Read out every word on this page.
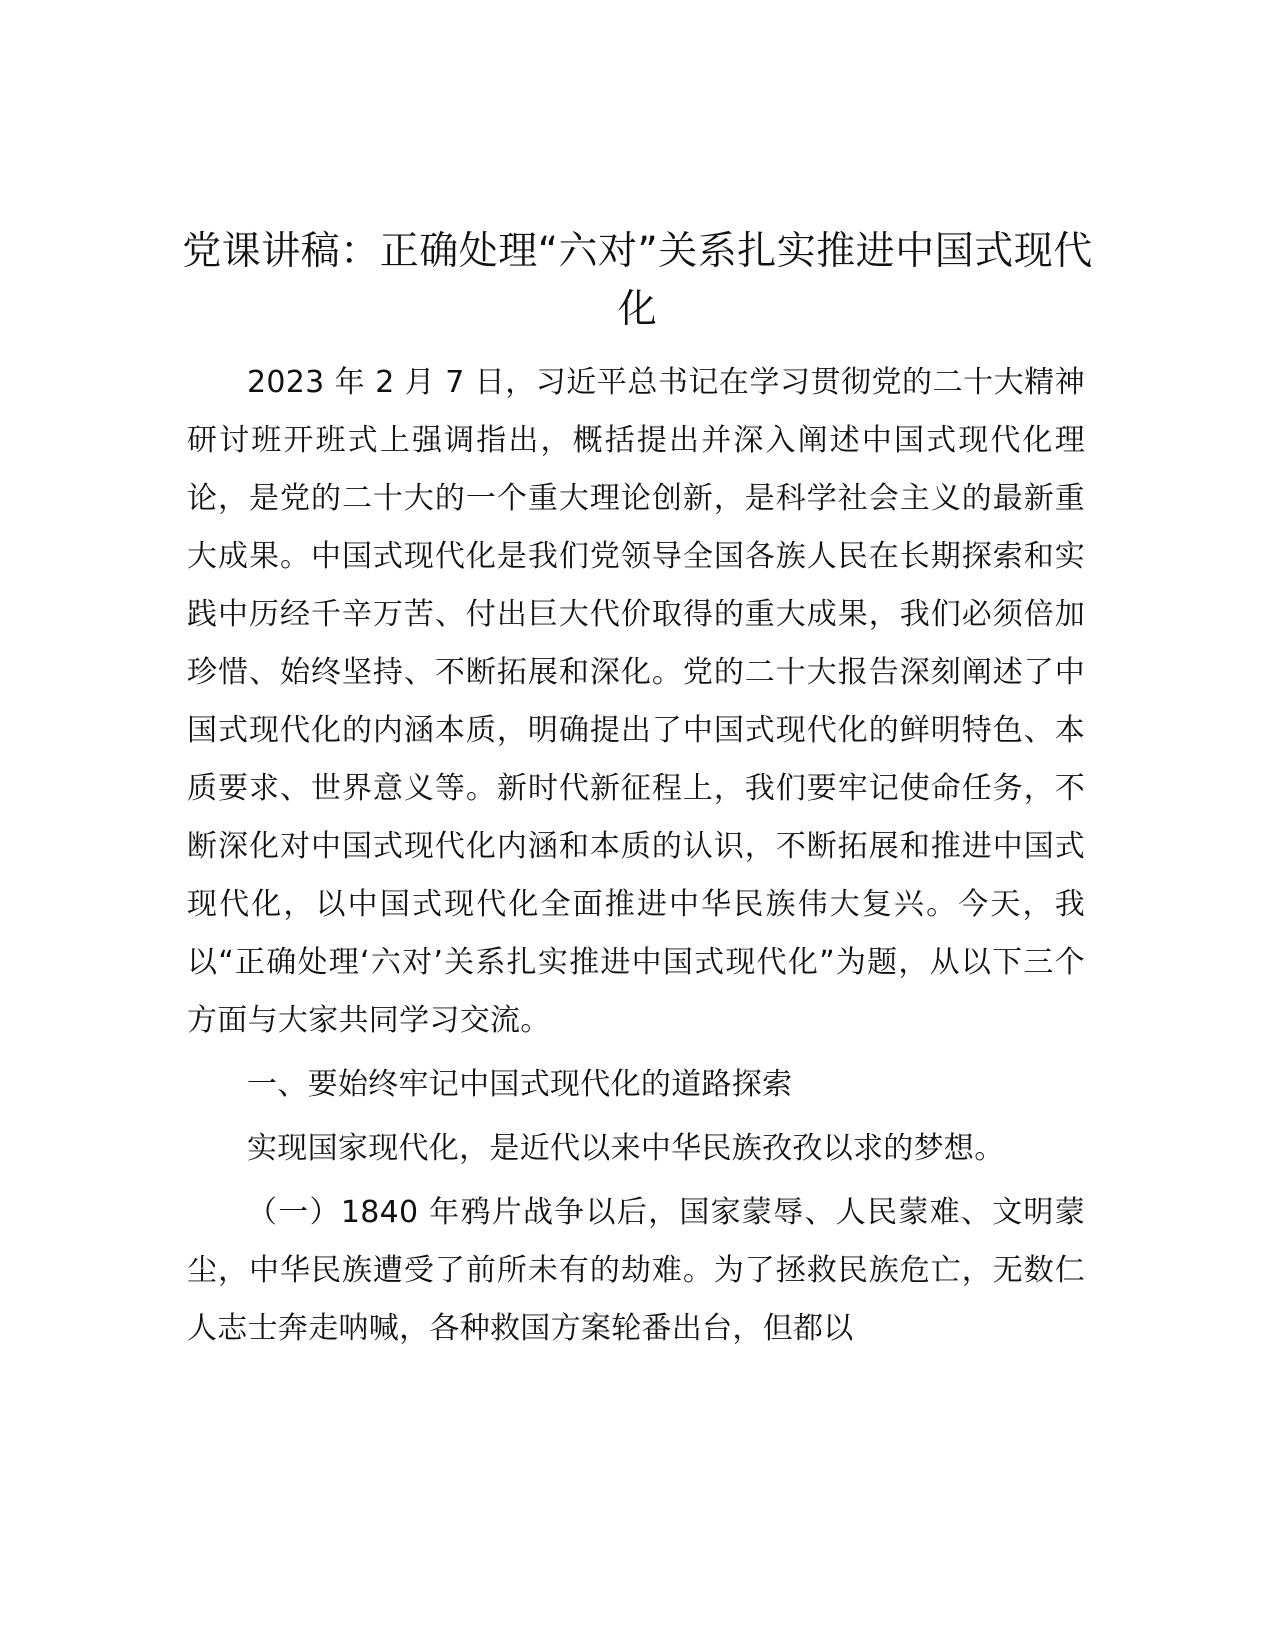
党课讲稿：正确处理“六对”关系扎实推进中国式现代化

2023 年 2 月 7 日，习近平总书记在学习贯彻党的二十大精神研讨班开班式上强调指出，概括提出并深入阐述中国式现代化理论，是党的二十大的一个重大理论创新，是科学社会主义的最新重大成果。中国式现代化是我们党领导全国各族人民在长期探索和实践中历经千辛万苦、付出巨大代价取得的重大成果，我们必须倍加珍惜、始终坚持、不断拓展和深化。党的二十大报告深刻阐述了中国式现代化的内涵本质，明确提出了中国式现代化的鲜明特色、本质要求、世界意义等。新时代新征程上，我们要牢记使命任务，不断深化对中国式现代化内涵和本质的认识，不断拓展和推进中国式现代化，以中国式现代化全面推进中华民族伟大复兴。今天，我以“正确处理‘六对’关系扎实推进中国式现代化”为题，从以下三个方面与大家共同学习交流。

一、要始终牢记中国式现代化的道路探索

实现国家现代化，是近代以来中华民族孜孜以求的梦想。

（一）1840 年鸦片战争以后，国家蒙辱、人民蒙难、文明蒙尘，中华民族遭受了前所未有的劫难。为了拯救民族危亡，无数仁人志士奔走呐喊，各种救国方案轮番出台，但都以
